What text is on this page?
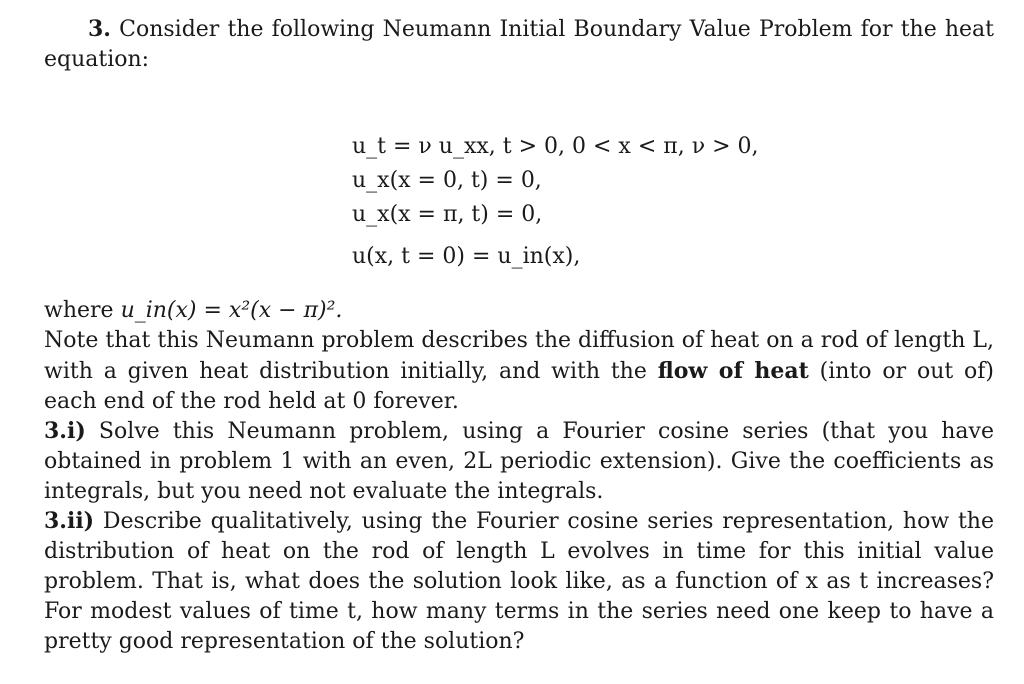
3. Consider the following Neumann Initial Boundary Value Problem for the heat equation:
u_t = ν u_xx, t > 0, 0 < x < π, ν > 0,
u_x(x = 0, t) = 0,
u_x(x = π, t) = 0,
u(x, t = 0) = u_in(x),
where u_in(x) = x²(x − π)².
Note that this Neumann problem describes the diffusion of heat on a rod of length L, with a given heat distribution initially, and with the flow of heat (into or out of) each end of the rod held at 0 forever.
3.i) Solve this Neumann problem, using a Fourier cosine series (that you have obtained in problem 1 with an even, 2L periodic extension). Give the coefficients as integrals, but you need not evaluate the integrals.
3.ii) Describe qualitatively, using the Fourier cosine series representation, how the distribution of heat on the rod of length L evolves in time for this initial value problem. That is, what does the solution look like, as a function of x as t increases? For modest values of time t, how many terms in the series need one keep to have a pretty good representation of the solution?
